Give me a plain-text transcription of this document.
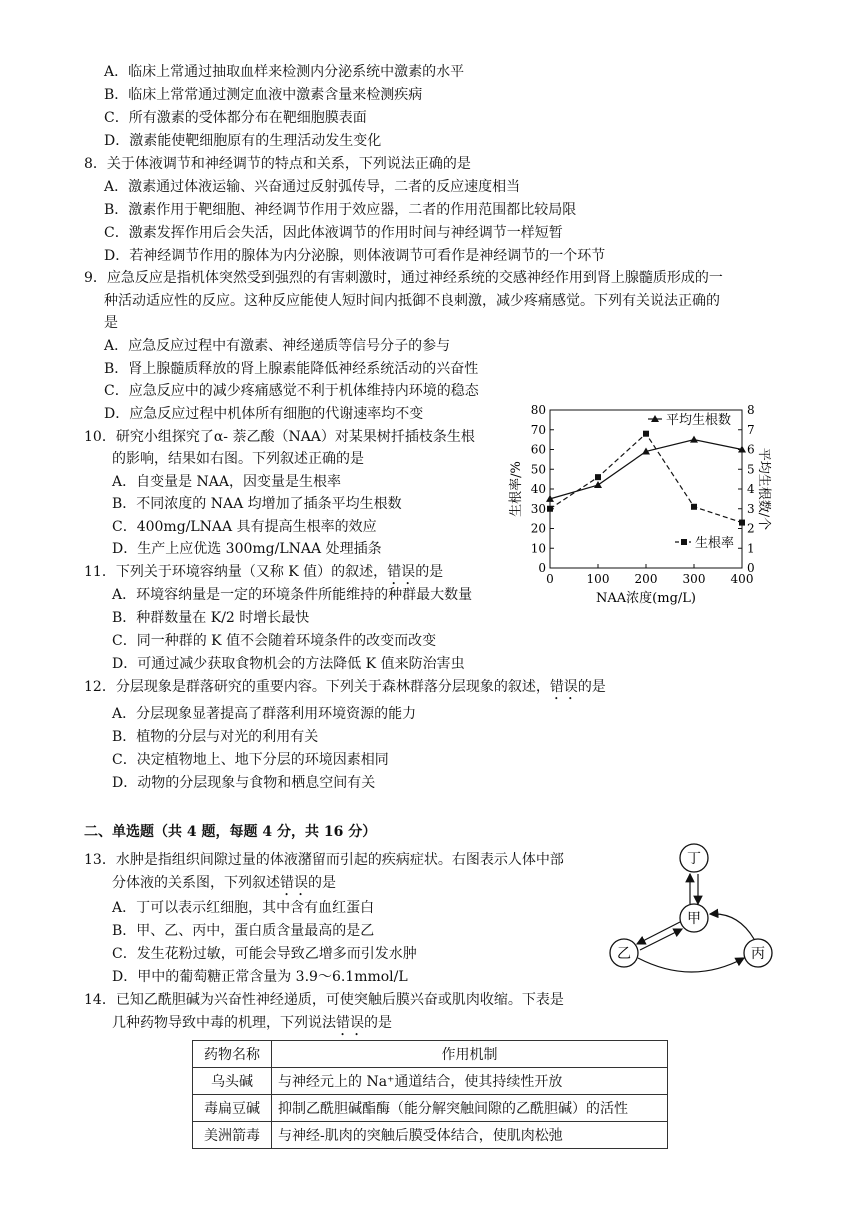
A．临床上常通过抽取血样来检测内分泌系统中激素的水平
B．临床上常常通过测定血液中激素含量来检测疾病
C．所有激素的受体都分布在靶细胞膜表面
D．激素能使靶细胞原有的生理活动发生变化
8．关于体液调节和神经调节的特点和关系，下列说法正确的是
A．激素通过体液运输、兴奋通过反射弧传导，二者的反应速度相当
B．激素作用于靶细胞、神经调节作用于效应器，二者的作用范围都比较局限
C．激素发挥作用后会失活，因此体液调节的作用时间与神经调节一样短暂
D．若神经调节作用的腺体为内分泌腺，则体液调节可看作是神经调节的一个环节
9．应急反应是指机体突然受到强烈的有害刺激时，通过神经系统的交感神经作用到肾上腺髓质形成的一
种活动适应性的反应。这种反应能使人短时间内抵御不良刺激，减少疼痛感觉。下列有关说法正确的
是
A．应急反应过程中有激素、神经递质等信号分子的参与
B．肾上腺髓质释放的肾上腺素能降低神经系统活动的兴奋性
C．应急反应中的减少疼痛感觉不利于机体维持内环境的稳态
D．应急反应过程中机体所有细胞的代谢速率均不变
10．研究小组探究了α- 萘乙酸（NAA）对某果树扦插枝条生根
的影响，结果如右图。下列叙述正确的是
A．自变量是 NAA，因变量是生根率
B．不同浓度的 NAA 均增加了插条平均生根数
C．400mg/LNAA 具有提高生根率的效应
D．生产上应优选 300mg/LNAA 处理插条
11．下列关于环境容纳量（又称 K 值）的叙述，错误的是
A．环境容纳量是一定的环境条件所能维持的种群最大数量
B．种群数量在 K/2 时增长最快
C．同一种群的 K 值不会随着环境条件的改变而改变
D．可通过减少获取食物机会的方法降低 K 值来防治害虫
12．分层现象是群落研究的重要内容。下列关于森林群落分层现象的叙述，错误的是
A．分层现象显著提高了群落利用环境资源的能力
B．植物的分层与对光的利用有关
C．决定植物地上、地下分层的环境因素相同
D．动物的分层现象与食物和栖息空间有关
二、单选题（共 4 题，每题 4 分，共 16 分）
13．水肿是指组织间隙过量的体液潴留而引起的疾病症状。右图表示人体中部
分体液的关系图，下列叙述错误的是
A．丁可以表示红细胞，其中含有血红蛋白
B．甲、乙、丙中，蛋白质含量最高的是乙
C．发生花粉过敏，可能会导致乙增多而引发水肿
D．甲中的葡萄糖正常含量为 3.9～6.1mmol/L
14．已知乙酰胆碱为兴奋性神经递质，可使突触后膜兴奋或肌肉收缩。下表是
几种药物导致中毒的机理，下列说法错误的是
药物名称	作用机制
乌头碱	与神经元上的 Na⁺通道结合，使其持续性开放
毒扁豆碱	抑制乙酰胆碱酯酶（能分解突触间隙的乙酰胆碱）的活性
美洲箭毒	与神经-肌肉的突触后膜受体结合，使肌肉松弛
0
10
20
30
40
50
60
70
80
0
1
2
3
4
5
6
7
8
0	100 200 300 400
NAA浓度(mg/L)
生根率/%	平均生根数/个
平均生根数
生根率
丁
甲
乙	丙
